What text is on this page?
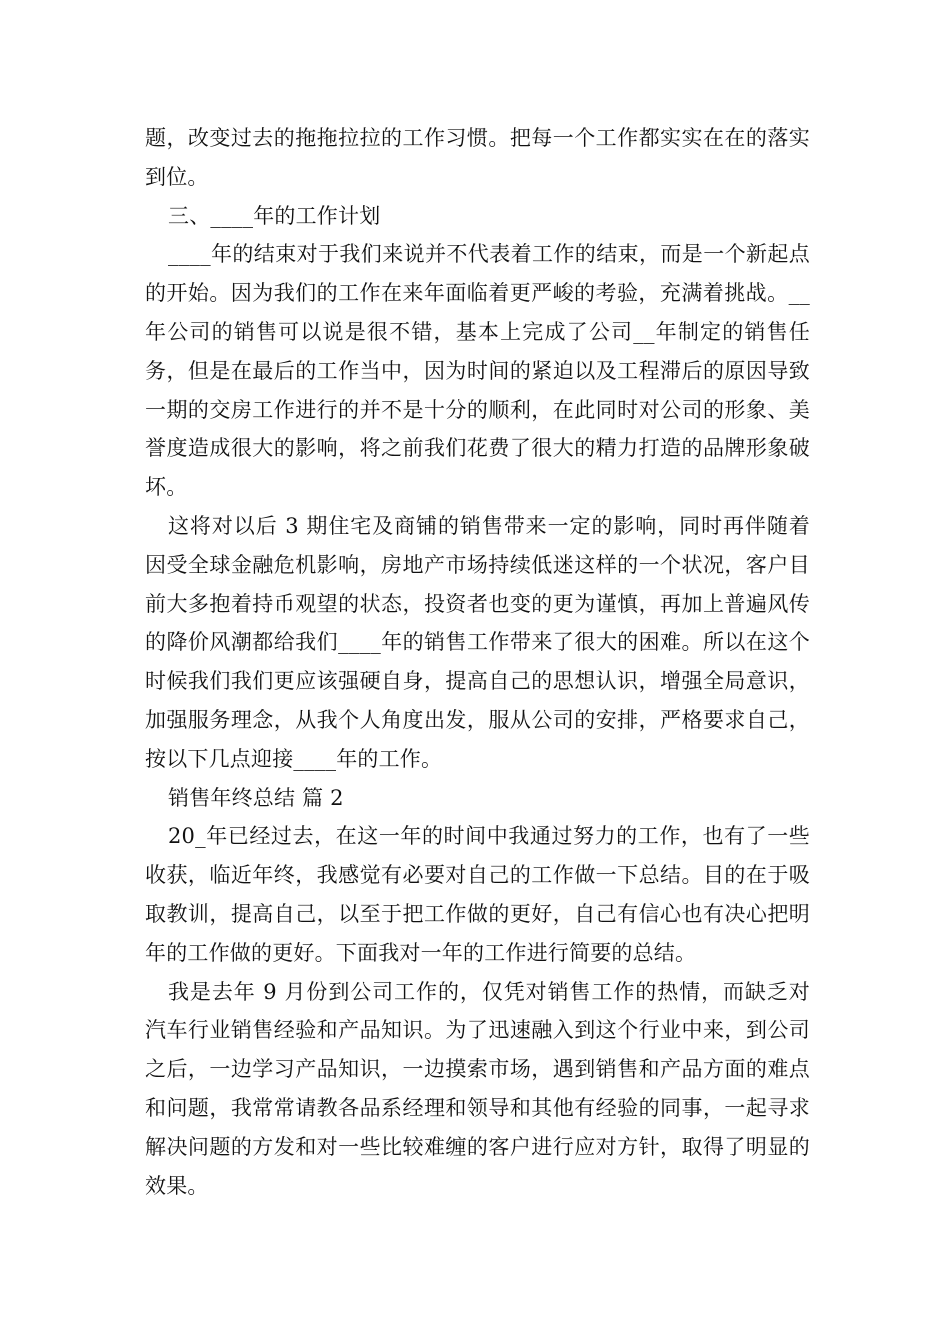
题，改变过去的拖拖拉拉的工作习惯。把每一个工作都实实在在的落实到位。

三、____年的工作计划

____年的结束对于我们来说并不代表着工作的结束，而是一个新起点的开始。因为我们的工作在来年面临着更严峻的考验，充满着挑战。__年公司的销售可以说是很不错，基本上完成了公司__年制定的销售任务，但是在最后的工作当中，因为时间的紧迫以及工程滞后的原因导致一期的交房工作进行的并不是十分的顺利，在此同时对公司的形象、美誉度造成很大的影响，将之前我们花费了很大的精力打造的品牌形象破坏。

这将对以后 3 期住宅及商铺的销售带来一定的影响，同时再伴随着因受全球金融危机影响，房地产市场持续低迷这样的一个状况，客户目前大多抱着持币观望的状态，投资者也变的更为谨慎，再加上普遍风传的降价风潮都给我们____年的销售工作带来了很大的困难。所以在这个时候我们我们更应该强硬自身，提高自己的思想认识，增强全局意识，加强服务理念，从我个人角度出发，服从公司的安排，严格要求自己，按以下几点迎接____年的工作。

销售年终总结 篇 2

20_年已经过去，在这一年的时间中我通过努力的工作，也有了一些收获，临近年终，我感觉有必要对自己的工作做一下总结。目的在于吸取教训，提高自己，以至于把工作做的更好，自己有信心也有决心把明年的工作做的更好。下面我对一年的工作进行简要的总结。

我是去年 9 月份到公司工作的，仅凭对销售工作的热情，而缺乏对汽车行业销售经验和产品知识。为了迅速融入到这个行业中来，到公司之后，一边学习产品知识，一边摸索市场，遇到销售和产品方面的难点和问题，我常常请教各品系经理和领导和其他有经验的同事，一起寻求解决问题的方发和对一些比较难缠的客户进行应对方针，取得了明显的效果。
